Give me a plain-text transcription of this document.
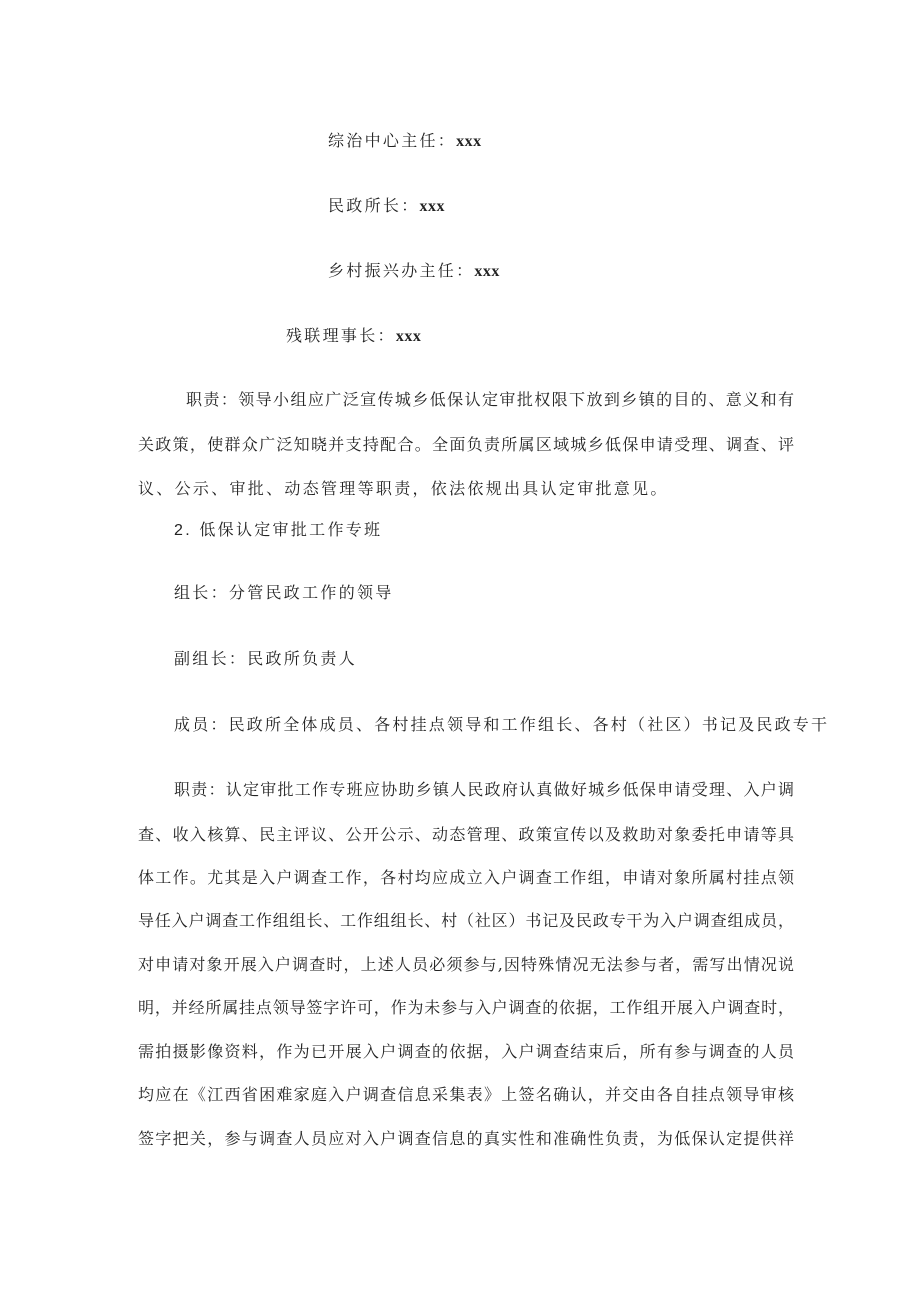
综治中心主任：xxx
民政所长：xxx
乡村振兴办主任：xxx
残联理事长：xxx
职责：领导小组应广泛宣传城乡低保认定审批权限下放到乡镇的目的、意义和有
关政策，使群众广泛知晓并支持配合。全面负责所属区域城乡低保申请受理、调查、评
议、公示、审批、动态管理等职责，依法依规出具认定审批意见。
2. 低保认定审批工作专班
组长：分管民政工作的领导
副组长：民政所负责人
成员：民政所全体成员、各村挂点领导和工作组长、各村（社区）书记及民政专干
职责：认定审批工作专班应协助乡镇人民政府认真做好城乡低保申请受理、入户调
查、收入核算、民主评议、公开公示、动态管理、政策宣传以及救助对象委托申请等具
体工作。尤其是入户调查工作，各村均应成立入户调查工作组，申请对象所属村挂点领
导任入户调查工作组组长、工作组组长、村（社区）书记及民政专干为入户调查组成员，
对申请对象开展入户调查时，上述人员必须参与,因特殊情况无法参与者，需写出情况说
明，并经所属挂点领导签字许可，作为未参与入户调查的依据，工作组开展入户调查时，
需拍摄影像资料，作为已开展入户调查的依据，入户调查结束后，所有参与调查的人员
均应在《江西省困难家庭入户调查信息采集表》上签名确认，并交由各自挂点领导审核
签字把关，参与调查人员应对入户调查信息的真实性和准确性负责，为低保认定提供祥
